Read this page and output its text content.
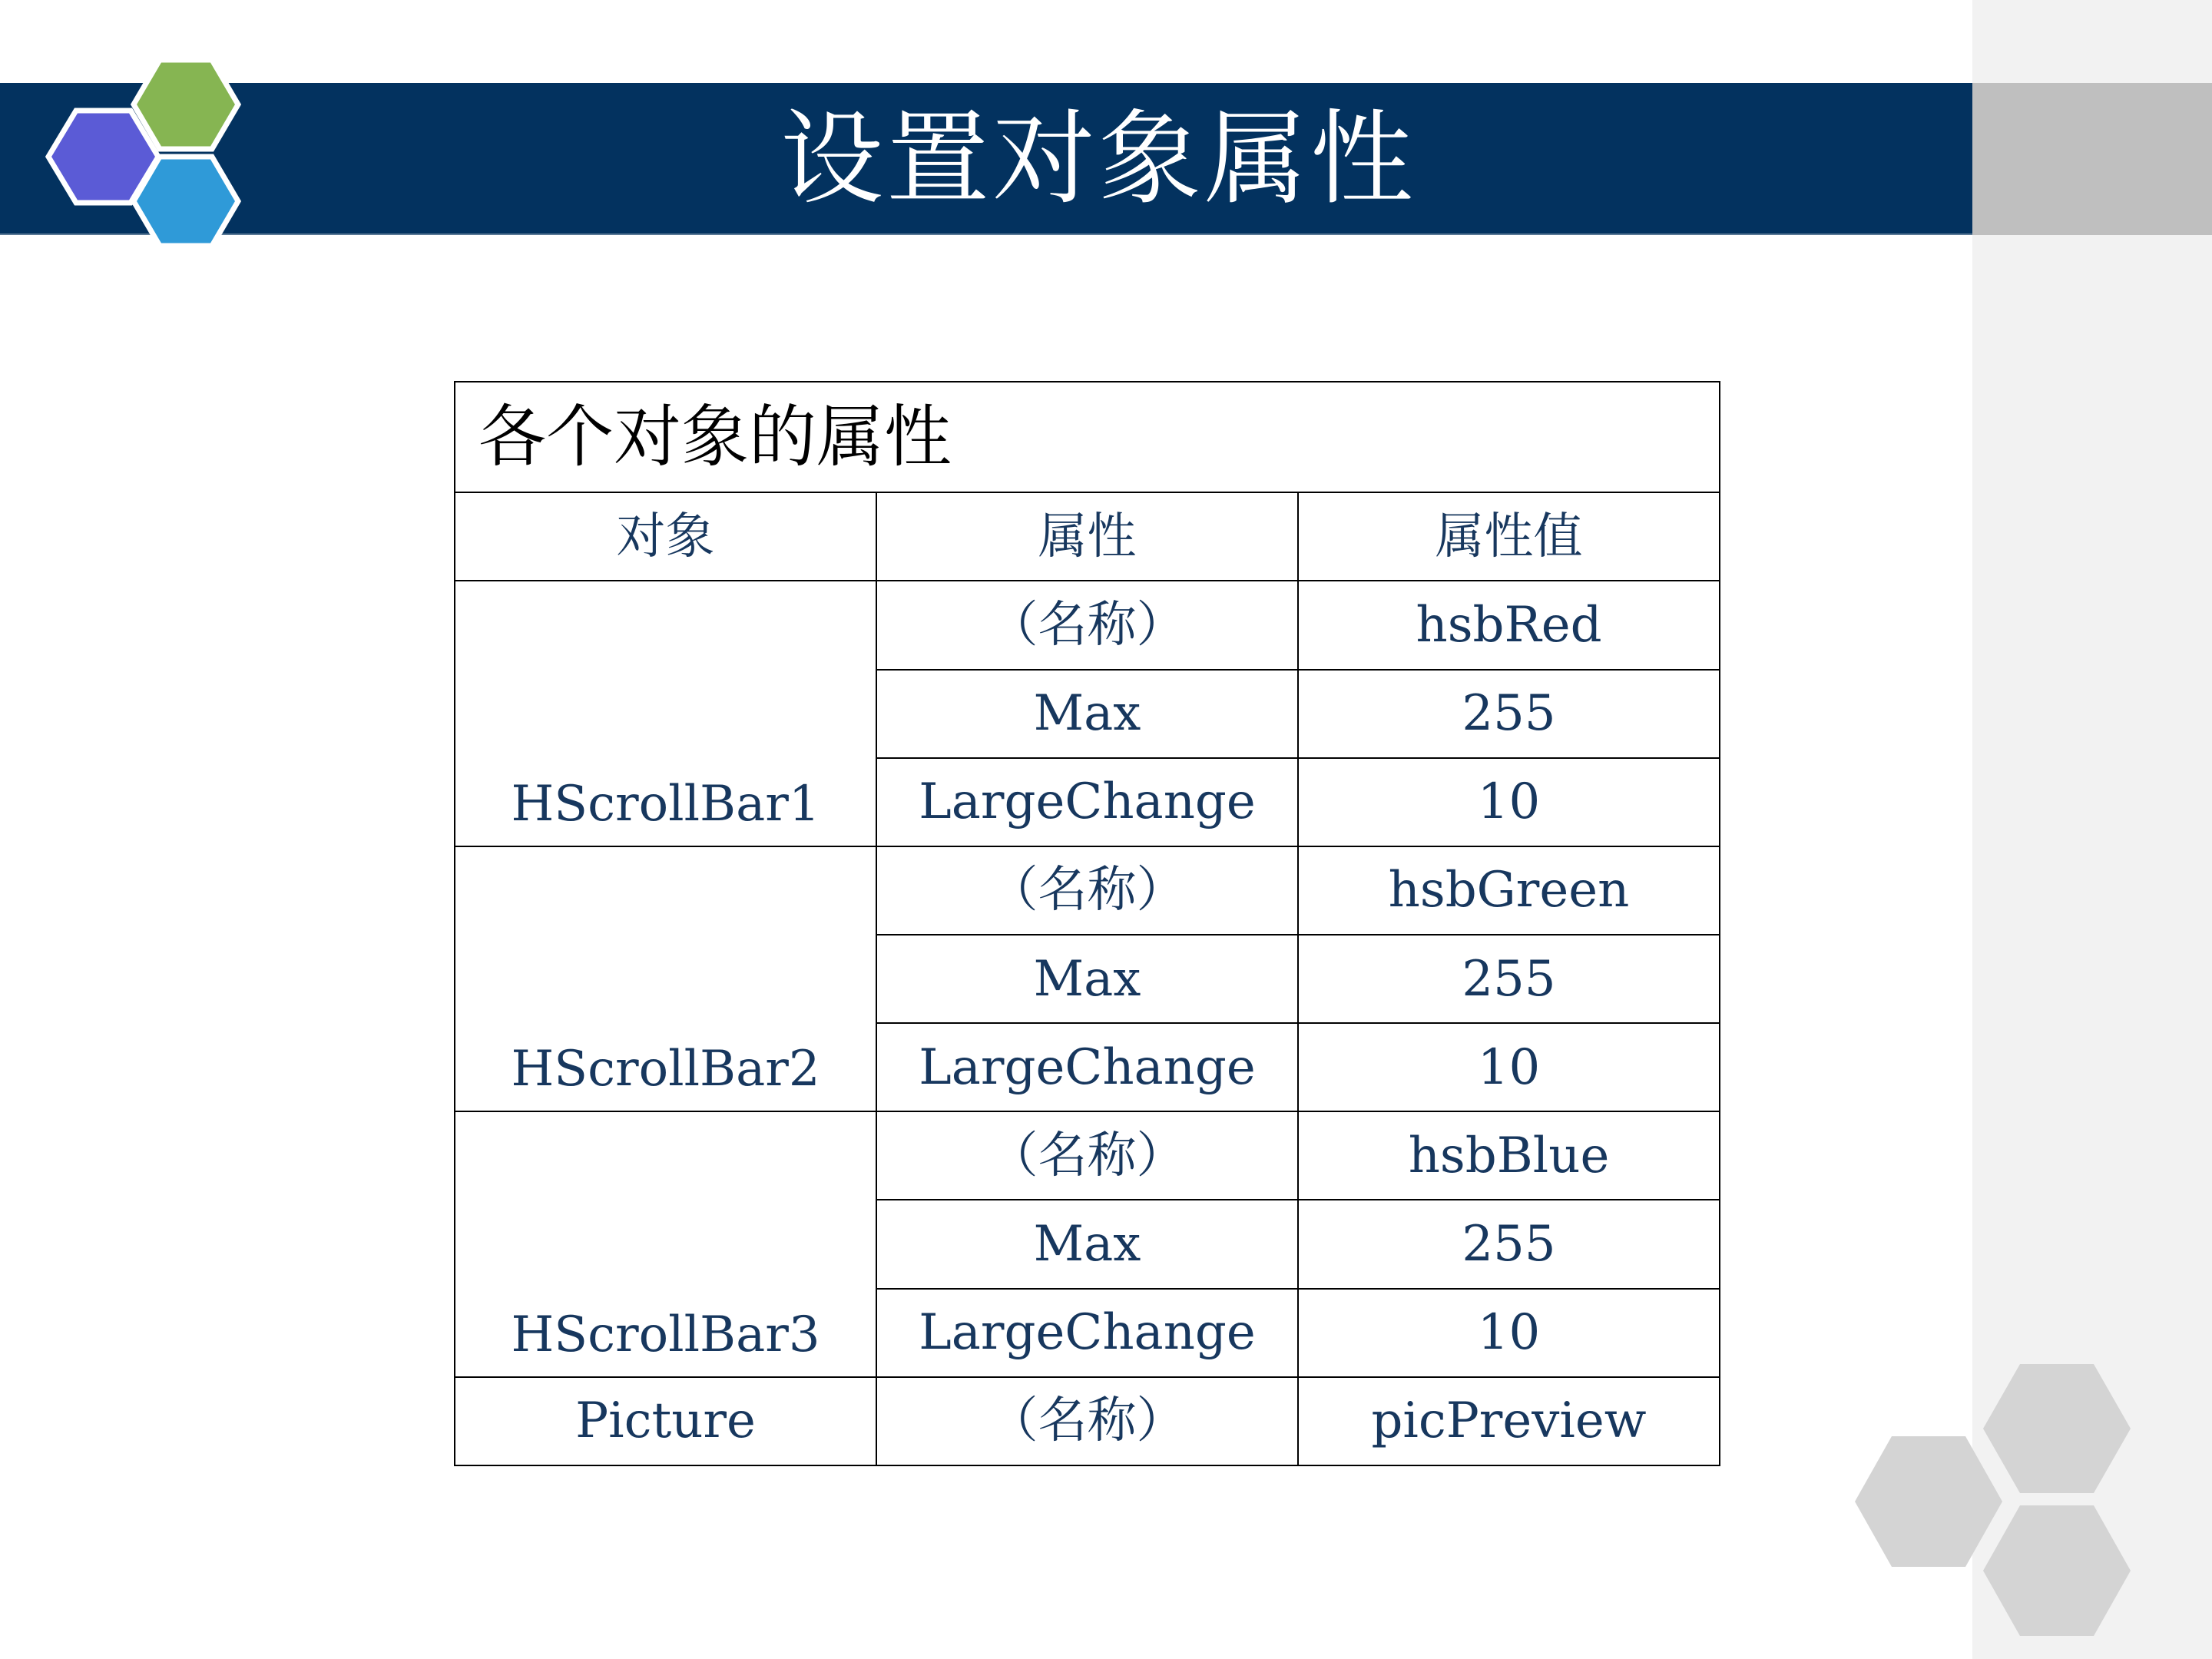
设置对象属性
各个对象的属性		
对象	属性	属性值
HScrollBar1	（名称）	hsbRed
	Max	255
	LargeChange	10
HScrollBar2	（名称）	hsbGreen
	Max	255
	LargeChange	10
HScrollBar3	（名称）	hsbBlue
	Max	255
	LargeChange	10
Picture	（名称）	picPreview
